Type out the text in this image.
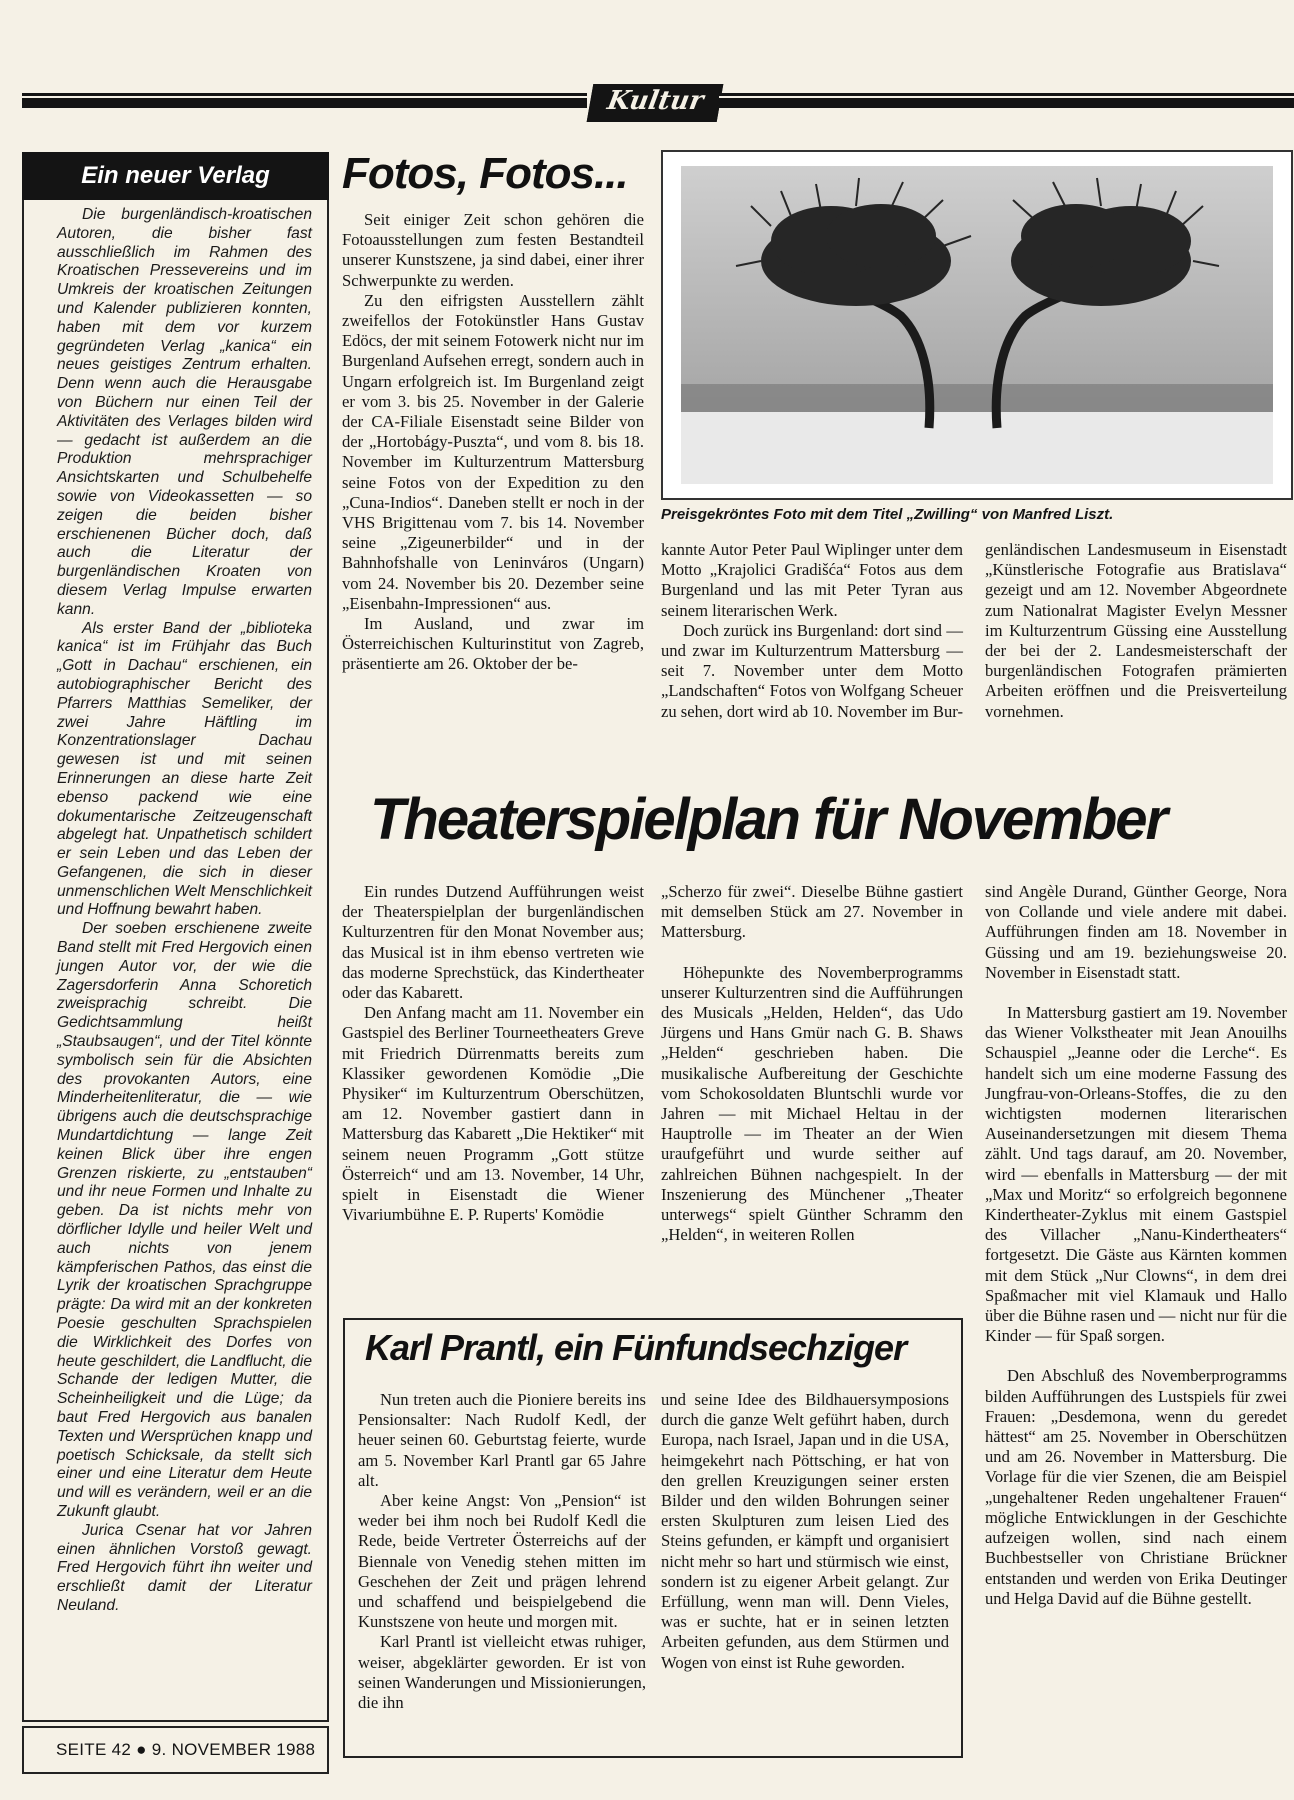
Kultur
Ein neuer Verlag

Die burgenländisch-kroatischen Autoren, die bisher fast ausschließlich im Rahmen des Kroatischen Pressevereins und im Umkreis der kroatischen Zeitungen und Kalender publizieren konnten, haben mit dem vor kurzem gegründeten Verlag „kanica“ ein neues geistiges Zentrum erhalten. Denn wenn auch die Herausgabe von Büchern nur einen Teil der Aktivitäten des Verlages bilden wird — gedacht ist außerdem an die Produktion mehrsprachiger Ansichtskarten und Schulbehelfe sowie von Videokassetten — so zeigen die beiden bisher erschienenen Bücher doch, daß auch die Literatur der burgenländischen Kroaten von diesem Verlag Impulse erwarten kann.

Als erster Band der „biblioteka kanica“ ist im Frühjahr das Buch „Gott in Dachau“ erschienen, ein autobiographischer Bericht des Pfarrers Matthias Semeliker, der zwei Jahre Häftling im Konzentrationslager Dachau gewesen ist und mit seinen Erinnerungen an diese harte Zeit ebenso packend wie eine dokumentarische Zeitzeugenschaft abgelegt hat. Unpathetisch schildert er sein Leben und das Leben der Gefangenen, die sich in dieser unmenschlichen Welt Menschlichkeit und Hoffnung bewahrt haben.

Der soeben erschienene zweite Band stellt mit Fred Hergovich einen jungen Autor vor, der wie die Zagersdorferin Anna Schoretich zweisprachig schreibt. Die Gedichtsammlung heißt „Staubsaugen“, und der Titel könnte symbolisch sein für die Absichten des provokanten Autors, eine Minderheitenliteratur, die — wie übrigens auch die deutschsprachige Mundartdichtung — lange Zeit keinen Blick über ihre engen Grenzen riskierte, zu „entstauben“ und ihr neue Formen und Inhalte zu geben. Da ist nichts mehr von dörflicher Idylle und heiler Welt und auch nichts von jenem kämpferischen Pathos, das einst die Lyrik der kroatischen Sprachgruppe prägte: Da wird mit an der konkreten Poesie geschulten Sprachspielen die Wirklichkeit des Dorfes von heute geschildert, die Landflucht, die Schande der ledigen Mutter, die Scheinheiligkeit und die Lüge; da baut Fred Hergovich aus banalen Texten und Wersprüchen knapp und poetisch Schicksale, da stellt sich einer und eine Literatur dem Heute und will es verändern, weil er an die Zukunft glaubt.

Jurica Csenar hat vor Jahren einen ähnlichen Vorstoß gewagt. Fred Hergovich führt ihn weiter und erschließt damit der Literatur Neuland.

SEITE 42 ● 9. NOVEMBER 1988
Fotos, Fotos...

Seit einiger Zeit schon gehören die Fotoausstellungen zum festen Bestandteil unserer Kunstszene, ja sind dabei, einer ihrer Schwerpunkte zu werden.

Zu den eifrigsten Ausstellern zählt zweifellos der Fotokünstler Hans Gustav Edöcs, der mit seinem Fotowerk nicht nur im Burgenland Aufsehen erregt, sondern auch in Ungarn erfolgreich ist. Im Burgenland zeigt er vom 3. bis 25. November in der Galerie der CA-Filiale Eisenstadt seine Bilder von der „Hortobágy-Puszta“, und vom 8. bis 18. November im Kulturzentrum Mattersburg seine Fotos von der Expedition zu den „Cuna-Indios“. Daneben stellt er noch in der VHS Brigittenau vom 7. bis 14. November seine „Zigeunerbilder“ und in der Bahnhofshalle von Leninváros (Ungarn) vom 24. November bis 20. Dezember seine „Eisenbahn-Impressionen“ aus.

Im Ausland, und zwar im Österreichischen Kulturinstitut von Zagreb, präsentierte am 26. Oktober der be-

Preisgekröntes Foto mit dem Titel „Zwilling“ von Manfred Liszt.

kannte Autor Peter Paul Wiplinger unter dem Motto „Krajolici Gradišća“ Fotos aus dem Burgenland und las mit Peter Tyran aus seinem literarischen Werk.

Doch zurück ins Burgenland: dort sind — und zwar im Kulturzentrum Mattersburg — seit 7. November unter dem Motto „Landschaften“ Fotos von Wolfgang Scheuer zu sehen, dort wird ab 10. November im Bur-

genländischen Landesmuseum in Eisenstadt „Künstlerische Fotografie aus Bratislava“ gezeigt und am 12. November Abgeordnete zum Nationalrat Magister Evelyn Messner im Kulturzentrum Güssing eine Ausstellung der bei der 2. Landesmeisterschaft der burgenländischen Fotografen prämierten Arbeiten eröffnen und die Preisverteilung vornehmen.

Theaterspielplan für November

Ein rundes Dutzend Aufführungen weist der Theaterspielplan der burgenländischen Kulturzentren für den Monat November aus; das Musical ist in ihm ebenso vertreten wie das moderne Sprechstück, das Kindertheater oder das Kabarett.

Den Anfang macht am 11. November ein Gastspiel des Berliner Tourneetheaters Greve mit Friedrich Dürrenmatts bereits zum Klassiker gewordenen Komödie „Die Physiker“ im Kulturzentrum Oberschützen, am 12. November gastiert dann in Mattersburg das Kabarett „Die Hektiker“ mit seinem neuen Programm „Gott stütze Österreich“ und am 13. November, 14 Uhr, spielt in Eisenstadt die Wiener Vivariumbühne E. P. Ruperts' Komödie

„Scherzo für zwei“. Dieselbe Bühne gastiert mit demselben Stück am 27. November in Mattersburg.

Höhepunkte des Novemberprogramms unserer Kulturzentren sind die Aufführungen des Musicals „Helden, Helden“, das Udo Jürgens und Hans Gmür nach G. B. Shaws „Helden“ geschrieben haben. Die musikalische Aufbereitung der Geschichte vom Schokosoldaten Bluntschli wurde vor Jahren — mit Michael Heltau in der Hauptrolle — im Theater an der Wien uraufgeführt und wurde seither auf zahlreichen Bühnen nachgespielt. In der Inszenierung des Münchener „Theater unterwegs“ spielt Günther Schramm den „Helden“, in weiteren Rollen

sind Angèle Durand, Günther George, Nora von Collande und viele andere mit dabei. Aufführungen finden am 18. November in Güssing und am 19. beziehungsweise 20. November in Eisenstadt statt.

In Mattersburg gastiert am 19. November das Wiener Volkstheater mit Jean Anouilhs Schauspiel „Jeanne oder die Lerche“. Es handelt sich um eine moderne Fassung des Jungfrau-von-Orleans-Stoffes, die zu den wichtigsten modernen literarischen Auseinandersetzungen mit diesem Thema zählt. Und tags darauf, am 20. November, wird — ebenfalls in Mattersburg — der mit „Max und Moritz“ so erfolgreich begonnene Kindertheater-Zyklus mit einem Gastspiel des Villacher „Nanu-Kindertheaters“ fortgesetzt. Die Gäste aus Kärnten kommen mit dem Stück „Nur Clowns“, in dem drei Spaßmacher mit viel Klamauk und Hallo über die Bühne rasen und — nicht nur für die Kinder — für Spaß sorgen.

Den Abschluß des Novemberprogramms bilden Aufführungen des Lustspiels für zwei Frauen: „Desdemona, wenn du geredet hättest“ am 25. November in Oberschützen und am 26. November in Mattersburg. Die Vorlage für die vier Szenen, die am Beispiel „ungehaltener Reden ungehaltener Frauen“ mögliche Entwicklungen in der Geschichte aufzeigen wollen, sind nach einem Buchbestseller von Christiane Brückner entstanden und werden von Erika Deutinger und Helga David auf die Bühne gestellt.

Karl Prantl, ein Fünfundsechziger

Nun treten auch die Pioniere bereits ins Pensionsalter: Nach Rudolf Kedl, der heuer seinen 60. Geburtstag feierte, wurde am 5. November Karl Prantl gar 65 Jahre alt.

Aber keine Angst: Von „Pension“ ist weder bei ihm noch bei Rudolf Kedl die Rede, beide Vertreter Österreichs auf der Biennale von Venedig stehen mitten im Geschehen der Zeit und prägen lehrend und schaffend und beispielgebend die Kunstszene von heute und morgen mit.

Karl Prantl ist vielleicht etwas ruhiger, weiser, abgeklärter geworden. Er ist von seinen Wanderungen und Missionierungen, die ihn

und seine Idee des Bildhauersymposions durch die ganze Welt geführt haben, durch Europa, nach Israel, Japan und in die USA, heimgekehrt nach Pöttsching, er hat von den grellen Kreuzigungen seiner ersten Bilder und den wilden Bohrungen seiner ersten Skulpturen zum leisen Lied des Steins gefunden, er kämpft und organisiert nicht mehr so hart und stürmisch wie einst, sondern ist zu eigener Arbeit gelangt. Zur Erfüllung, wenn man will. Denn Vieles, was er suchte, hat er in seinen letzten Arbeiten gefunden, aus dem Stürmen und Wogen von einst ist Ruhe geworden.
